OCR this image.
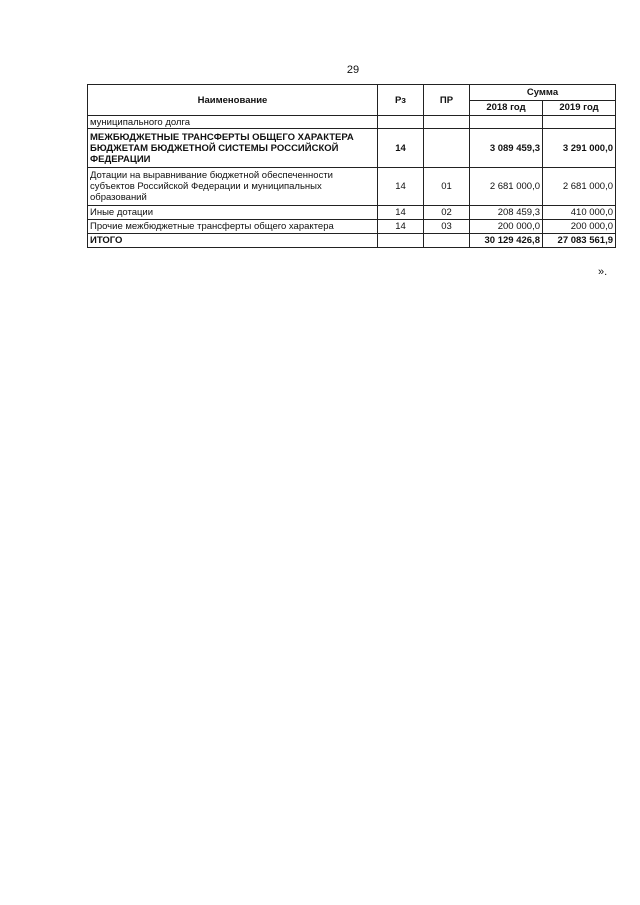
29
Наименование	Рз	ПР	Сумма	
			2018 год	2019 год
муниципального долга				
МЕЖБЮДЖЕТНЫЕ ТРАНСФЕРТЫ ОБЩЕГО ХАРАКТЕРА БЮДЖЕТАМ БЮДЖЕТНОЙ СИСТЕМЫ РОССИЙСКОЙ ФЕДЕРАЦИИ	14		3 089 459,3	3 291 000,0
Дотации на выравнивание бюджетной обеспеченности субъектов Российской Федерации и муниципальных образований	14	01	2 681 000,0	2 681 000,0
Иные дотации	14	02	208 459,3	410 000,0
Прочие межбюджетные трансферты общего характера	14	03	200 000,0	200 000,0
ИТОГО			30 129 426,8	27 083 561,9
».
